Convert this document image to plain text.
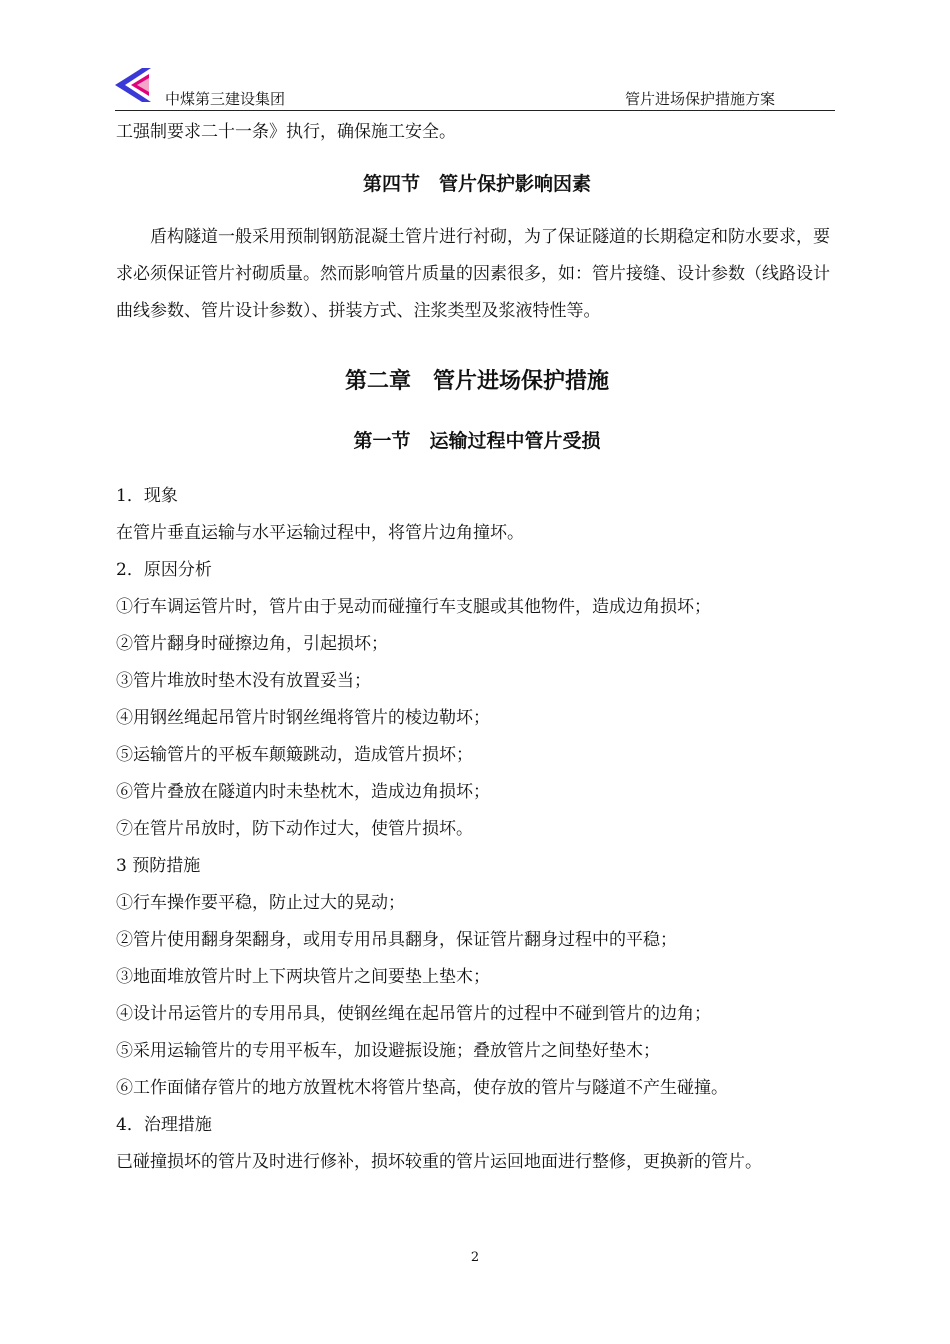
中煤第三建设集团	管片进场保护措施方案

工强制要求二十一条》执行，确保施工安全。

第四节　管片保护影响因素

盾构隧道一般采用预制钢筋混凝土管片进行衬砌，为了保证隧道的长期稳定和防水要求，要求必须保证管片衬砌质量。然而影响管片质量的因素很多，如：管片接缝、设计参数（线路设计曲线参数、管片设计参数）、拼装方式、注浆类型及浆液特性等。

第二章　管片进场保护措施
第一节　运输过程中管片受损

1．现象

在管片垂直运输与水平运输过程中，将管片边角撞坏。

2．原因分析

①行车调运管片时，管片由于晃动而碰撞行车支腿或其他物件，造成边角损坏；

②管片翻身时碰擦边角，引起损坏；

③管片堆放时垫木没有放置妥当；

④用钢丝绳起吊管片时钢丝绳将管片的棱边勒坏；

⑤运输管片的平板车颠簸跳动，造成管片损坏；

⑥管片叠放在隧道内时未垫枕木，造成边角损坏；

⑦在管片吊放时，防下动作过大，使管片损坏。

3 预防措施

①行车操作要平稳，防止过大的晃动；

②管片使用翻身架翻身，或用专用吊具翻身，保证管片翻身过程中的平稳；

③地面堆放管片时上下两块管片之间要垫上垫木；

④设计吊运管片的专用吊具，使钢丝绳在起吊管片的过程中不碰到管片的边角；

⑤采用运输管片的专用平板车，加设避振设施；叠放管片之间垫好垫木；

⑥工作面储存管片的地方放置枕木将管片垫高，使存放的管片与隧道不产生碰撞。

4．治理措施

已碰撞损坏的管片及时进行修补，损坏较重的管片运回地面进行整修，更换新的管片。

2
